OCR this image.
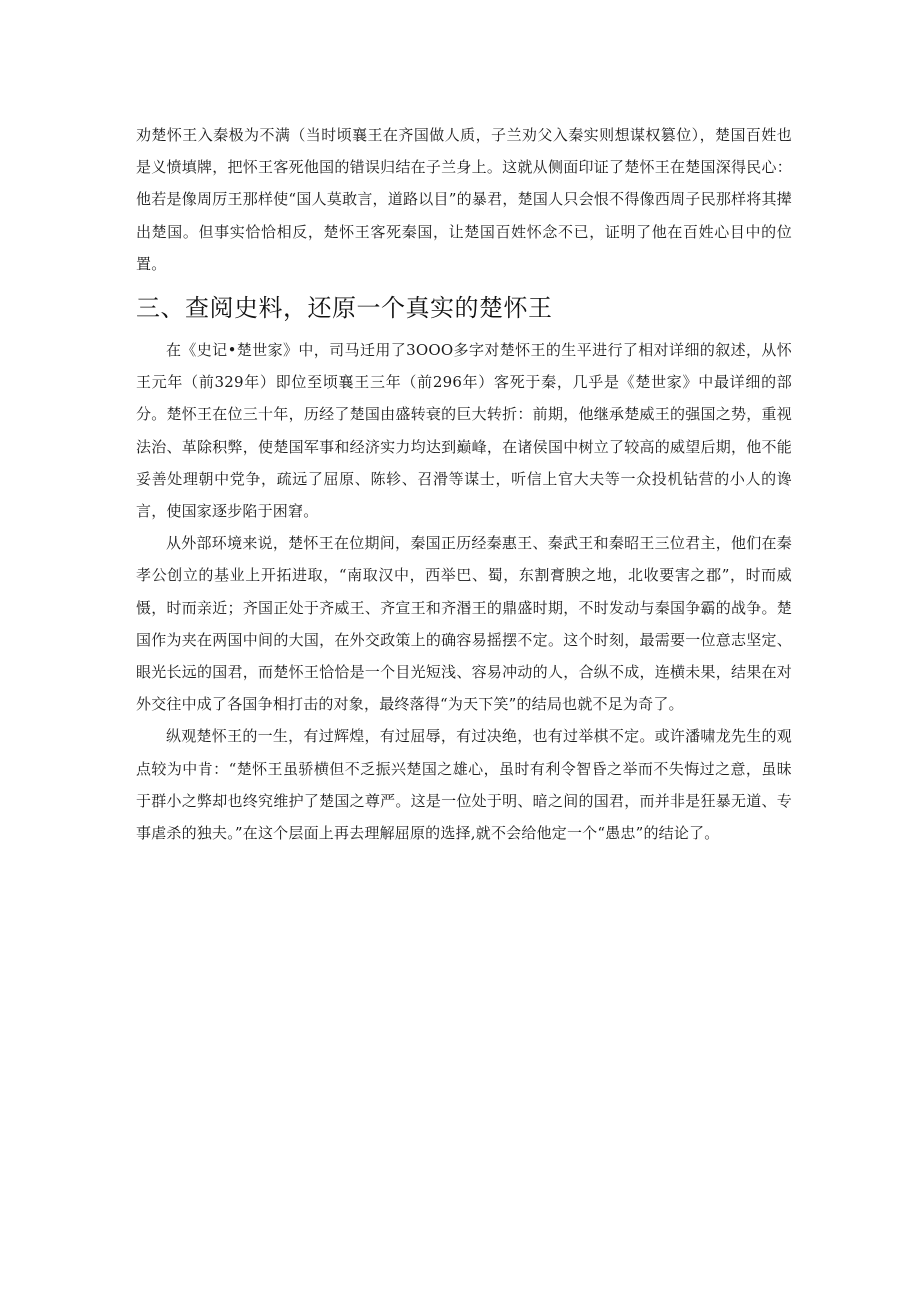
劝楚怀王入秦极为不满（当时顷襄王在齐国做人质，子兰劝父入秦实则想谋权篡位），楚国百姓也是义愤填牌，把怀王客死他国的错误归结在子兰身上。这就从侧面印证了楚怀王在楚国深得民心：他若是像周厉王那样使“国人莫敢言，道路以目”的暴君，楚国人只会恨不得像西周子民那样将其撵出楚国。但事实恰恰相反，楚怀王客死秦国，让楚国百姓怀念不已，证明了他在百姓心目中的位置。

三、查阅史料，还原一个真实的楚怀王

在《史记•楚世家》中，司马迁用了3OOO多字对楚怀王的生平进行了相对详细的叙述，从怀王元年（前329年）即位至顷襄王三年（前296年）客死于秦，几乎是《楚世家》中最详细的部分。楚怀王在位三十年，历经了楚国由盛转衰的巨大转折：前期，他继承楚威王的强国之势，重视法治、革除积弊，使楚国军事和经济实力均达到巅峰，在诸侯国中树立了较高的威望后期，他不能妥善处理朝中党争，疏远了屈原、陈轸、召滑等谋士，听信上官大夫等一众投机钻营的小人的谗言，使国家逐步陷于困窘。

从外部环境来说，楚怀王在位期间，秦国正历经秦惠王、秦武王和秦昭王三位君主，他们在秦孝公创立的基业上开拓进取，“南取汉中，西举巴、蜀，东割膏腴之地，北收要害之郡”，时而威慑，时而亲近；齐国正处于齐威王、齐宣王和齐湣王的鼎盛时期，不时发动与秦国争霸的战争。楚国作为夹在两国中间的大国，在外交政策上的确容易摇摆不定。这个时刻，最需要一位意志坚定、眼光长远的国君，而楚怀王恰恰是一个目光短浅、容易冲动的人，合纵不成，连横未果，结果在对外交往中成了各国争相打击的对象，最终落得“为天下笑”的结局也就不足为奇了。

纵观楚怀王的一生，有过辉煌，有过屈辱，有过决绝，也有过举棋不定。或许潘啸龙先生的观点较为中肯：“楚怀王虽骄横但不乏振兴楚国之雄心，虽时有利令智昏之举而不失悔过之意，虽昧于群小之弊却也终究维护了楚国之尊严。这是一位处于明、暗之间的国君，而并非是狂暴无道、专事虐杀的独夫。”在这个层面上再去理解屈原的选择,就不会给他定一个“愚忠”的结论了。
